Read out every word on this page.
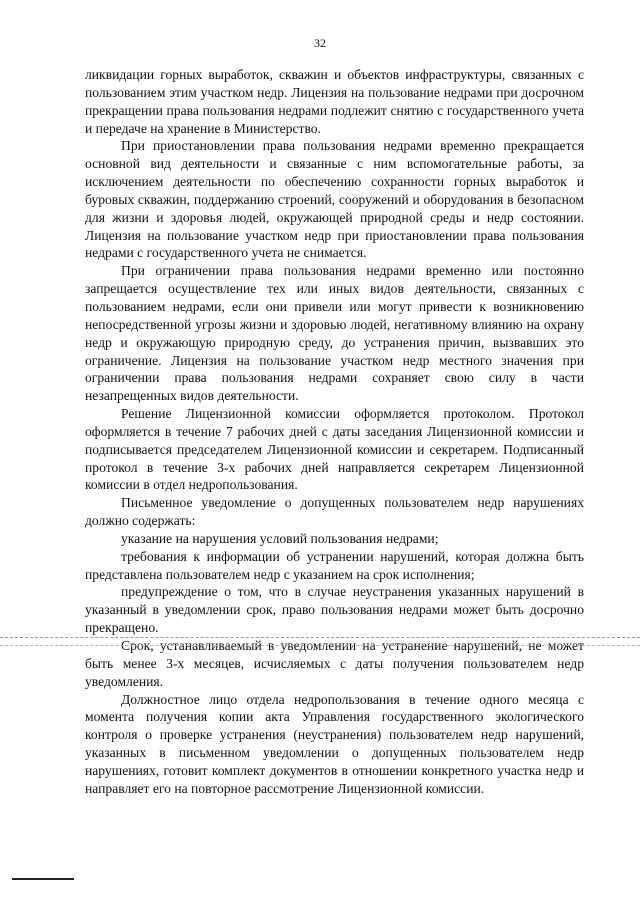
32

ликвидации горных выработок, скважин и объектов инфраструктуры, связанных с пользованием этим участком недр. Лицензия на пользование недрами при досрочном прекращении права пользования недрами подлежит снятию с государственного учета и передаче на хранение в Министерство.

При приостановлении права пользования недрами временно прекращается основной вид деятельности и связанные с ним вспомогательные работы, за исключением деятельности по обеспечению сохранности горных выработок и буровых скважин, поддержанию строений, сооружений и оборудования в безопасном для жизни и здоровья людей, окружающей природной среды и недр состоянии. Лицензия на пользование участком недр при приостановлении права пользования недрами с государственного учета не снимается.

При ограничении права пользования недрами временно или постоянно запрещается осуществление тех или иных видов деятельности, связанных с пользованием недрами, если они привели или могут привести к возникновению непосредственной угрозы жизни и здоровью людей, негативному влиянию на охрану недр и окружающую природную среду, до устранения причин, вызвавших это ограничение. Лицензия на пользование участком недр местного значения при ограничении права пользования недрами сохраняет свою силу в части незапрещенных видов деятельности.

Решение Лицензионной комиссии оформляется протоколом. Протокол оформляется в течение 7 рабочих дней с даты заседания Лицензионной комиссии и подписывается председателем Лицензионной комиссии и секретарем. Подписанный протокол в течение 3-х рабочих дней направляется секретарем Лицензионной комиссии в отдел недропользования.

Письменное уведомление о допущенных пользователем недр нарушениях должно содержать:

указание на нарушения условий пользования недрами;

требования к информации об устранении нарушений, которая должна быть представлена пользователем недр с указанием на срок исполнения;

предупреждение о том, что в случае неустранения указанных нарушений в указанный в уведомлении срок, право пользования недрами может быть досрочно прекращено.

Срок, устанавливаемый в уведомлении на устранение нарушений, не может быть менее 3-х месяцев, исчисляемых с даты получения пользователем недр уведомления.

Должностное лицо отдела недропользования в течение одного месяца с момента получения копии акта Управления государственного экологического контроля о проверке устранения (неустранения) пользователем недр нарушений, указанных в письменном уведомлении о допущенных пользователем недр нарушениях, готовит комплект документов в отношении конкретного участка недр и направляет его на повторное рассмотрение Лицензионной комиссии.
